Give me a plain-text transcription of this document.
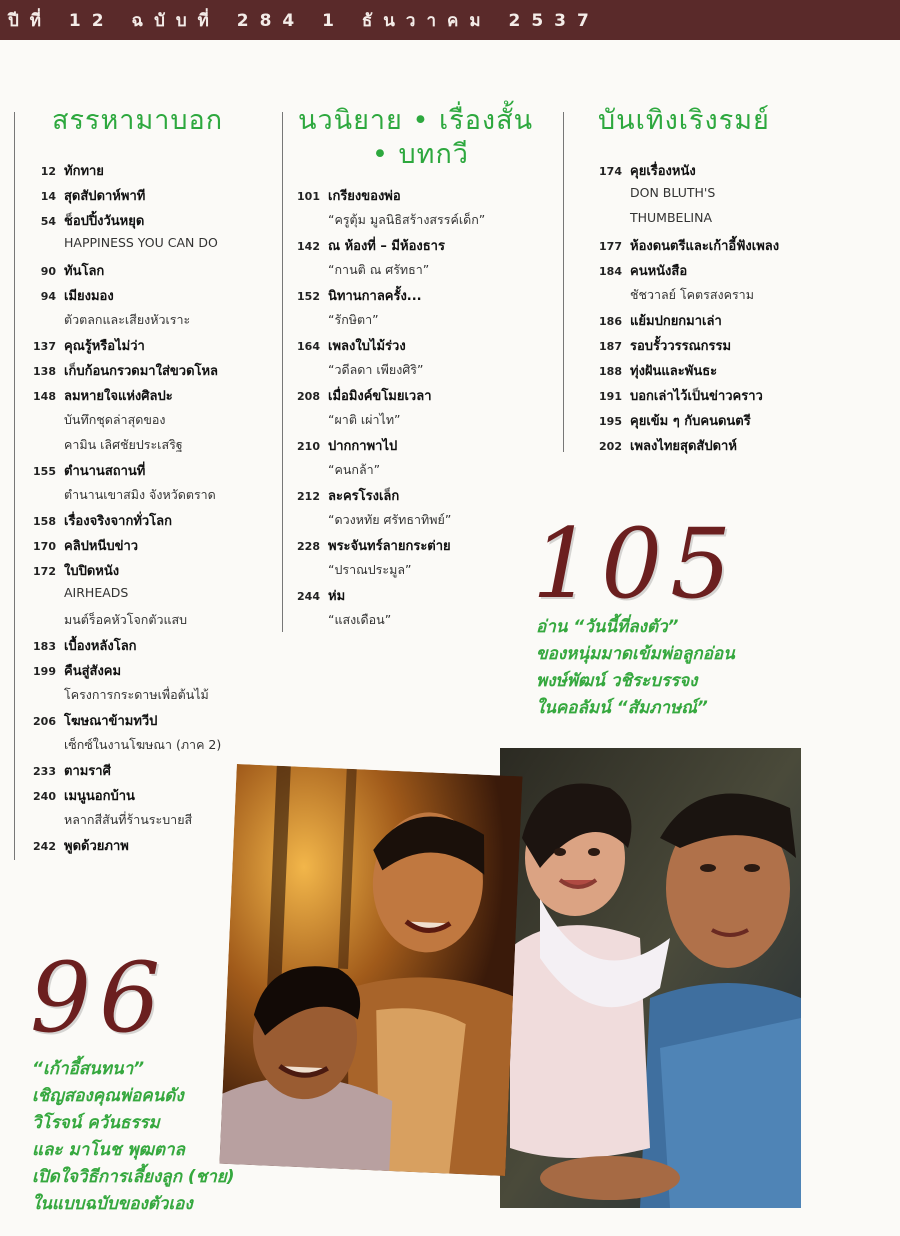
ปีที่ 12 ฉบับที่ 284 1 ธันวาคม 2537
สรรหามาบอก	นวนิยาย • เรื่องสั้น
• บทกวี
บันเทิงเริงรมย์
12 ทักทาย
14 สุดสัปดาห์พาที
54 ช็อปปิ้งวันหยุด
HAPPINESS YOU CAN DO
90 ทันโลก
94 เมียงมอง
ตัวตลกและเสียงหัวเราะ
137 คุณรู้หรือไม่ว่า
138 เก็บก้อนกรวดมาใส่ขวดโหล
148 ลมหายใจแห่งศิลปะ
บันทึกชุดล่าสุดของ
คามิน เลิศชัยประเสริฐ
155 ตำนานสถานที่
ตำนานเขาสมิง จังหวัดตราด
158 เรื่องจริงจากทั่วโลก
170 คลิปหนีบข่าว
172 ใบปิดหนัง
AIRHEADS
มนต์ร็อคหัวโจกตัวแสบ
183 เบื้องหลังโลก
199 คืนสู่สังคม
โครงการกระดาษเพื่อต้นไม้
206 โฆษณาข้ามทวีป
เซ็กซ์ในงานโฆษณา (ภาค 2)
233 ตามราศี
240 เมนูนอกบ้าน
หลากสีสันที่ร้านระบายสี
242 พูดด้วยภาพ
101 เกรียงของพ่อ
“ครูตุ้ม มูลนิธิสร้างสรรค์เด็ก”
142 ณ ห้องที่ – มีห้องธาร
“กานติ ณ ศรัทธา”
152 นิทานกาลครั้ง...
“รักษิตา”
164 เพลงใบไม้ร่วง
“วดีลดา เพียงศิริ”
208 เมื่อมิงค์ขโมยเวลา
“ผาติ เผ่าไท”
210 ปากกาพาไป
“คนกล้า”
212 ละครโรงเล็ก
“ดวงหทัย ศรัทธาทิพย์”
228 พระจันทร์ลายกระต่าย
“ปราณประมูล”
244 ห่ม
“แสงเดือน”
174 คุยเรื่องหนัง
DON BLUTH'S
THUMBELINA
177 ห้องดนตรีและเก้าอี้ฟังเพลง
184 คนหนังสือ
ชัชวาลย์ โคตรสงคราม
186 แย้มปกยกมาเล่า
187 รอบรั้ววรรณกรรม
188 ทุ่งฝันและพันธะ
191 บอกเล่าไว้เป็นข่าวคราว
195 คุยเข้ม ๆ กับคนดนตรี
202 เพลงไทยสุดสัปดาห์
105
อ่าน “วันนี้ที่ลงตัว”
ของหนุ่มมาดเข้มพ่อลูกอ่อน
พงษ์พัฒน์ วชิระบรรจง
ในคอลัมน์ “สัมภาษณ์”
96
“เก้าอี้สนทนา”
เชิญสองคุณพ่อคนดัง
วิโรจน์ ควันธรรม
และ มาโนช พุฒตาล
เปิดใจวิธีการเลี้ยงลูก (ชาย)
ในแบบฉบับของตัวเอง
